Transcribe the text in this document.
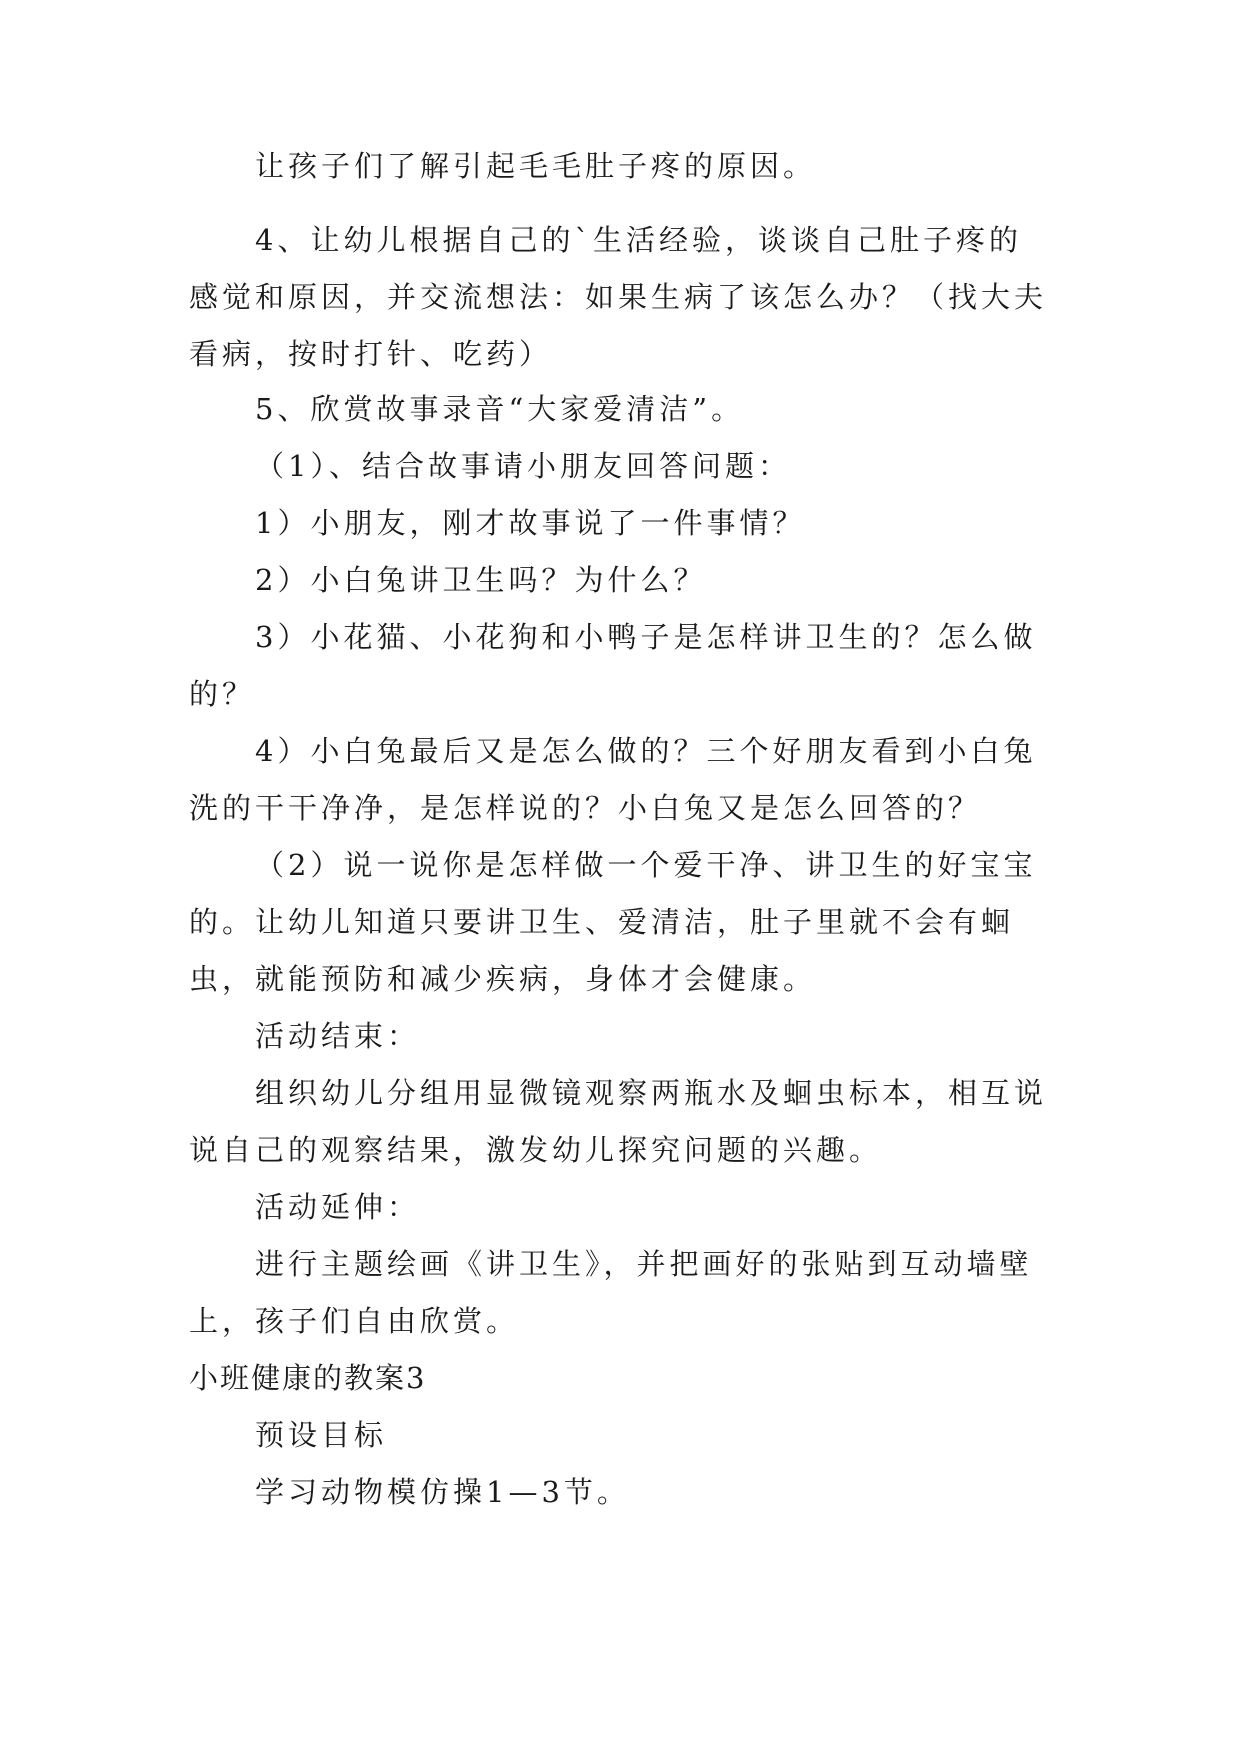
让孩子们了解引起毛毛肚子疼的原因。
4、让幼儿根据自己的`生活经验，谈谈自己肚子疼的感觉和原因，并交流想法：如果生病了该怎么办？（找大夫看病，按时打针、吃药）
5、欣赏故事录音“大家爱清洁”。
（1）、结合故事请小朋友回答问题：
1）小朋友，刚才故事说了一件事情？
2）小白兔讲卫生吗？为什么？
3）小花猫、小花狗和小鸭子是怎样讲卫生的？怎么做的？
4）小白兔最后又是怎么做的？三个好朋友看到小白兔洗的干干净净，是怎样说的？小白兔又是怎么回答的？
（2）说一说你是怎样做一个爱干净、讲卫生的好宝宝的。让幼儿知道只要讲卫生、爱清洁，肚子里就不会有蛔虫，就能预防和减少疾病，身体才会健康。
活动结束：
组织幼儿分组用显微镜观察两瓶水及蛔虫标本，相互说说自己的观察结果，激发幼儿探究问题的兴趣。
活动延伸：
进行主题绘画《讲卫生》，并把画好的张贴到互动墙壁上，孩子们自由欣赏。
小班健康的教案3
预设目标
学习动物模仿操1—3节。
